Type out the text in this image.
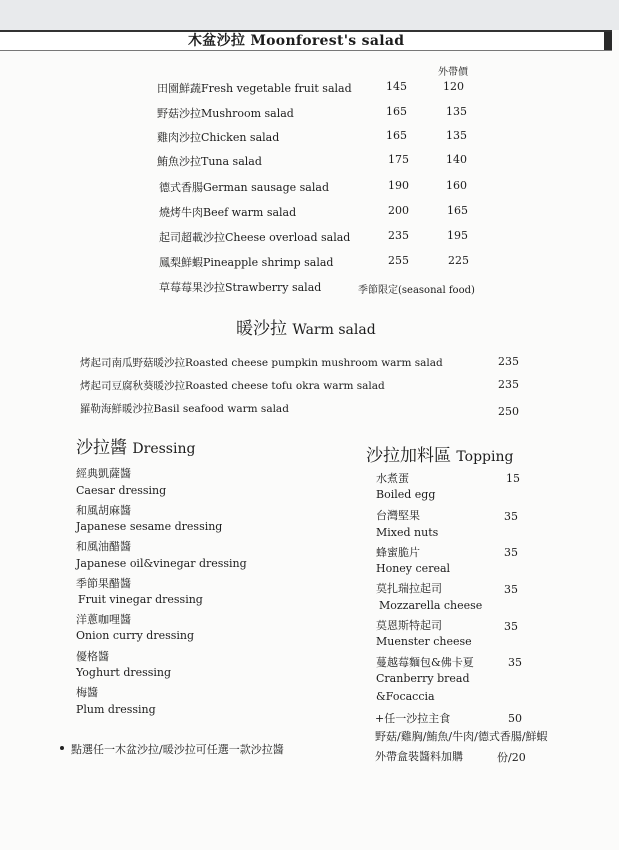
木盆沙拉 Moonforest's salad
外帶價
田園鮮蔬Fresh vegetable fruit salad	145	120
野菇沙拉Mushroom salad	165	135
雞肉沙拉Chicken salad	165	135
鮪魚沙拉Tuna salad	175	140
德式香腸German sausage salad	190	160
燒烤牛肉Beef warm salad	200	165
起司超載沙拉Cheese overload salad	235	195
鳳梨鮮蝦Pineapple shrimp salad	255	225
草莓莓果沙拉Strawberry salad	季節限定(seasonal food)
暖沙拉 Warm salad
烤起司南瓜野菇暖沙拉Roasted cheese pumpkin mushroom warm salad	235
烤起司豆腐秋葵暖沙拉Roasted cheese tofu okra warm salad	235
羅勒海鮮暖沙拉Basil seafood warm salad	250
沙拉醬 Dressing
經典凱薩醬
Caesar dressing
和風胡麻醬
Japanese sesame dressing
和風油醋醬
Japanese oil&vinegar dressing
季節果醋醬
Fruit vinegar dressing
洋蔥咖哩醬
Onion curry dressing
優格醬
Yoghurt dressing
梅醬
Plum dressing
沙拉加料區 Topping
水煮蛋	15
Boiled egg
台灣堅果	35
Mixed nuts
蜂蜜脆片	35
Honey cereal
莫扎瑞拉起司	35
Mozzarella cheese
莫恩斯特起司	35
Muenster cheese
蔓越莓麵包&佛卡夏	35
Cranberry bread
&Focaccia
+任一沙拉主食	50
野菇/雞胸/鮪魚/牛肉/德式香腸/鮮蝦
外帶盒裝醬料加購	份/20
點選任一木盆沙拉/暖沙拉可任選一款沙拉醬
